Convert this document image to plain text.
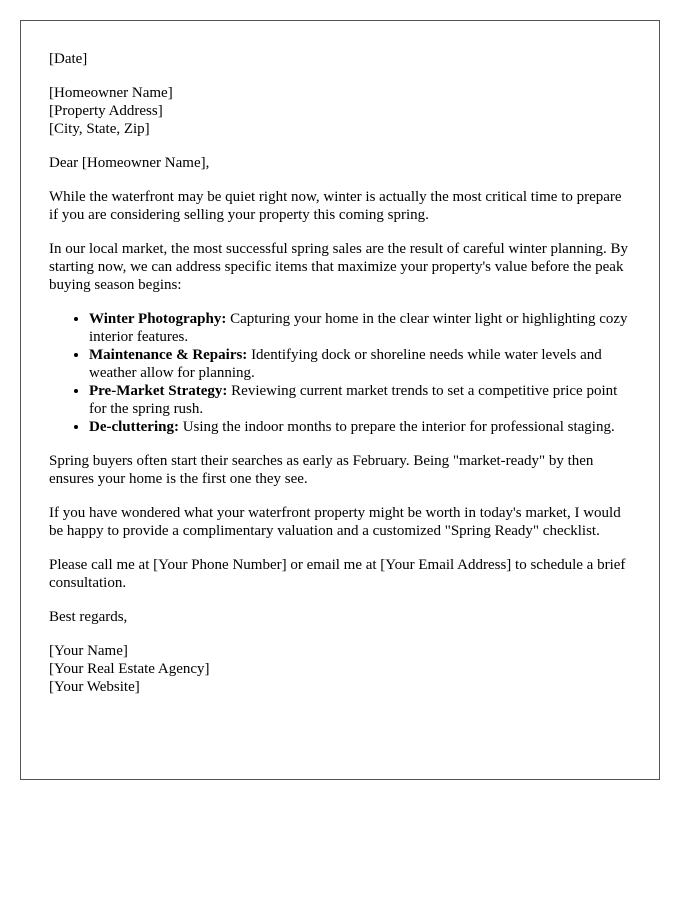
[Date]

[Homeowner Name]
[Property Address]
[City, State, Zip]

Dear [Homeowner Name],

While the waterfront may be quiet right now, winter is actually the most critical time to prepare if you are considering selling your property this coming spring.

In our local market, the most successful spring sales are the result of careful winter planning. By starting now, we can address specific items that maximize your property's value before the peak buying season begins:

• Winter Photography: Capturing your home in the clear winter light or highlighting cozy interior features.
• Maintenance & Repairs: Identifying dock or shoreline needs while water levels and weather allow for planning.
• Pre-Market Strategy: Reviewing current market trends to set a competitive price point for the spring rush.
• De-cluttering: Using the indoor months to prepare the interior for professional staging.

Spring buyers often start their searches as early as February. Being "market-ready" by then ensures your home is the first one they see.

If you have wondered what your waterfront property might be worth in today's market, I would be happy to provide a complimentary valuation and a customized "Spring Ready" checklist.

Please call me at [Your Phone Number] or email me at [Your Email Address] to schedule a brief consultation.

Best regards,

[Your Name]
[Your Real Estate Agency]
[Your Website]
